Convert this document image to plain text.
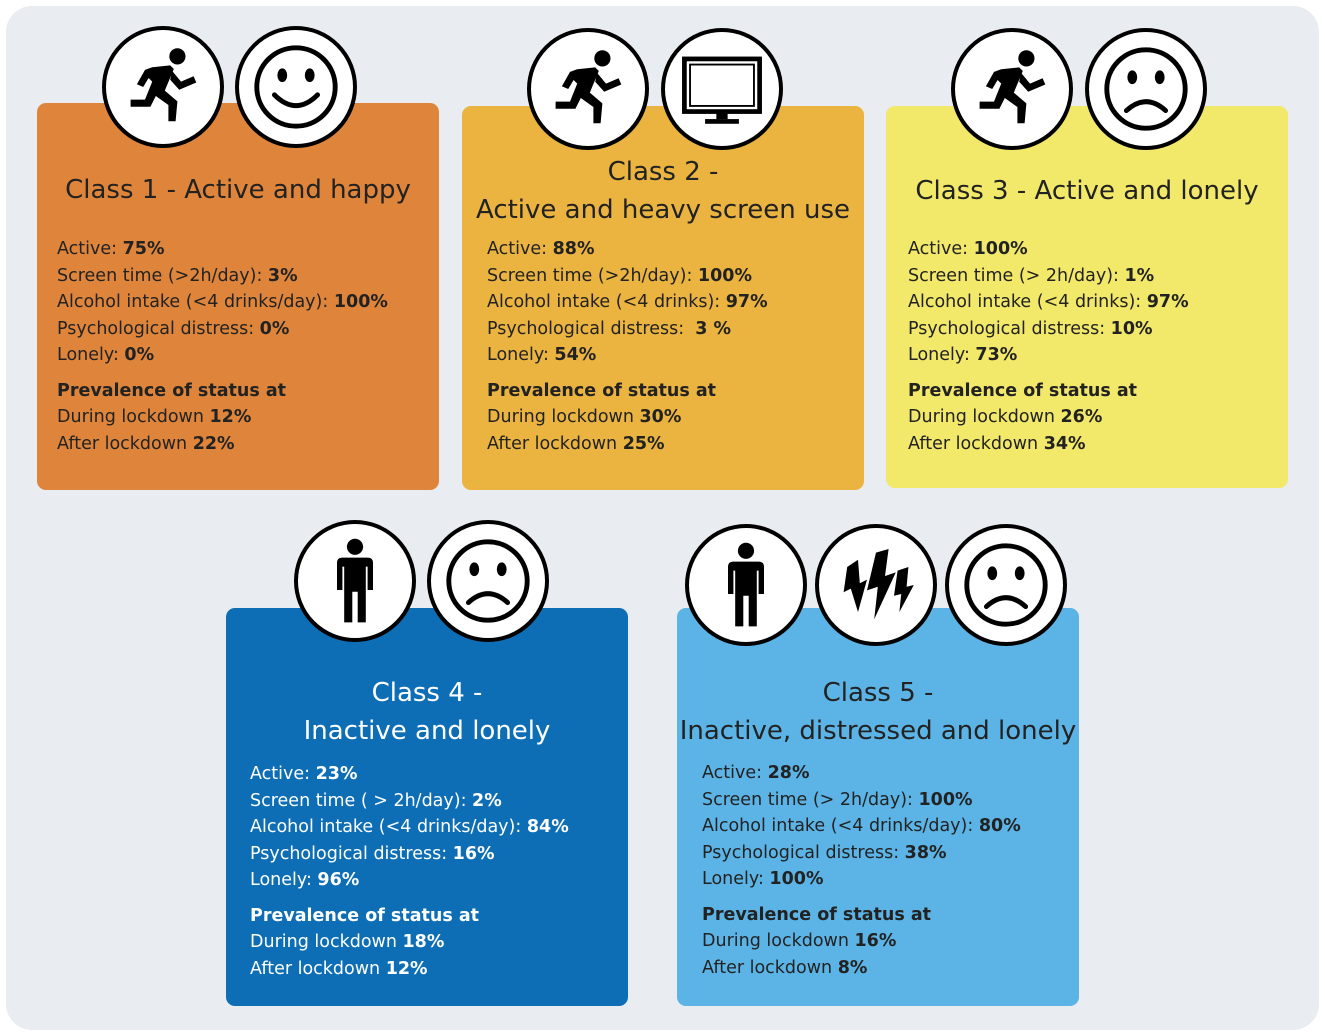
Class 1 - Active and happy
Active: 75%
Screen time (>2h/day): 3%
Alcohol intake (<4 drinks/day): 100%
Psychological distress: 0%
Lonely: 0%
Prevalence of status at
During lockdown 12%
After lockdown 22%
Class 2 -
Active and heavy screen use
Active: 88%
Screen time (>2h/day): 100%
Alcohol intake (<4 drinks): 97%
Psychological distress:  3 %
Lonely: 54%
Prevalence of status at
During lockdown 30%
After lockdown 25%
Class 3 - Active and lonely
Active: 100%
Screen time (> 2h/day): 1%
Alcohol intake (<4 drinks): 97%
Psychological distress: 10%
Lonely: 73%
Prevalence of status at
During lockdown 26%
After lockdown 34%
Class 4 -
Inactive and lonely
Active: 23%
Screen time ( > 2h/day): 2%
Alcohol intake (<4 drinks/day): 84%
Psychological distress: 16%
Lonely: 96%
Prevalence of status at
During lockdown 18%
After lockdown 12%
Class 5 -
Inactive, distressed and lonely
Active: 28%
Screen time (> 2h/day): 100%
Alcohol intake (<4 drinks/day): 80%
Psychological distress: 38%
Lonely: 100%
Prevalence of status at
During lockdown 16%
After lockdown 8%
